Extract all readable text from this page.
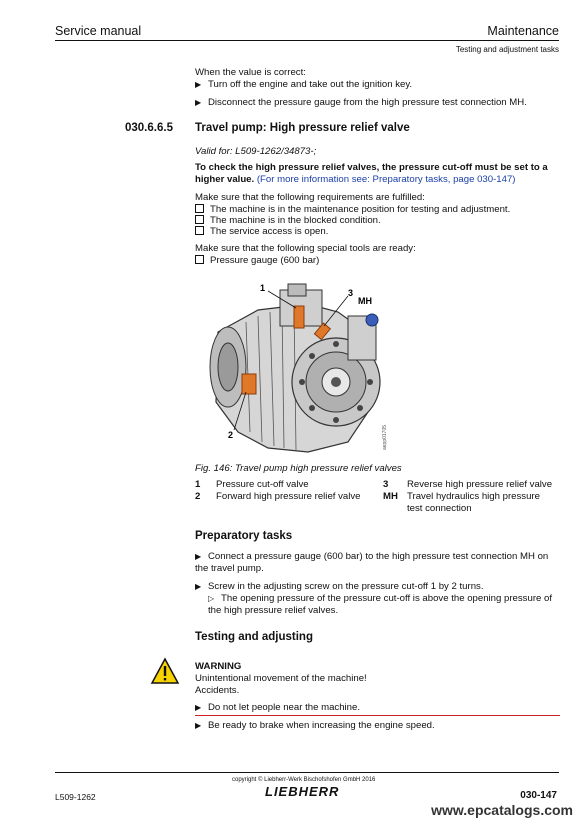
Service manual	Maintenance
Testing and adjustment tasks
When the value is correct:
▶ Turn off the engine and take out the ignition key.
▶ Disconnect the pressure gauge from the high pressure test connection MH.
030.6.6.5 Travel pump: High pressure relief valve
Valid for: L509-1262/34873-;
To check the high pressure relief valves, the pressure cut-off must be set to a higher value. (For more information see: Preparatory tasks, page 030-147)
Make sure that the following requirements are fulfilled:
The machine is in the maintenance position for testing and adjustment.
The machine is in the blocked condition.
The service access is open.
Make sure that the following special tools are ready:
Pressure gauge (600 bar)
1	3
MH
2	aepp01705
Fig. 146: Travel pump high pressure relief valves
1	Pressure cut-off valve	3	Reverse high pressure relief valve
2	Forward high pressure relief valve	MH	Travel hydraulics high pressure test connection
Preparatory tasks
▶ Connect a pressure gauge (600 bar) to the high pressure test connection MH on the travel pump.
▶ Screw in the adjusting screw on the pressure cut-off 1 by 2 turns.
▷ The opening pressure of the pressure cut-off is above the opening pressure of the high pressure relief valves.
Testing and adjusting
WARNING
Unintentional movement of the machine!
Accidents.
▶ Do not let people near the machine.
▶ Be ready to brake when increasing the engine speed.
copyright © Liebherr-Werk Bischofshofen GmbH 2016
L509-1262	LIEBHERR	030-147
www.epcatalogs.com
